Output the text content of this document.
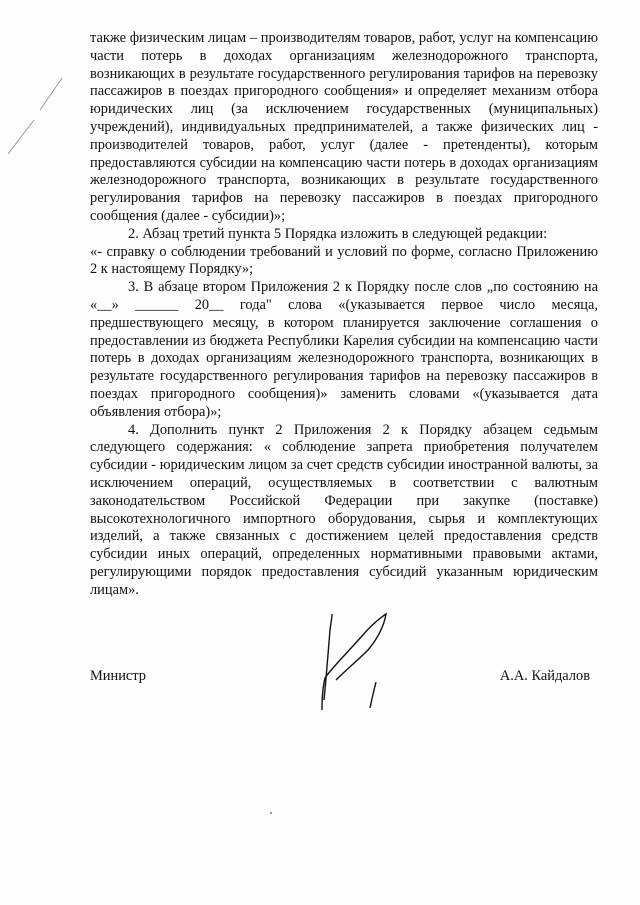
также физическим лицам – производителям товаров, работ, услуг на компенсацию части потерь в доходах организациям железнодорожного транспорта, возникающих в результате государственного регулирования тарифов на перевозку пассажиров в поездах пригородного сообщения» и определяет механизм отбора юридических лиц (за исключением государственных (муниципальных) учреждений), индивидуальных предпринимателей, а также физических лиц - производителей товаров, работ, услуг (далее - претенденты), которым предоставляются субсидии на компенсацию части потерь в доходах организациям железнодорожного транспорта, возникающих в результате государственного регулирования тарифов на перевозку пассажиров в поездах пригородного сообщения (далее - субсидии)»;

2. Абзац третий пункта 5 Порядка изложить в следующей редакции:

«- справку о соблюдении требований и условий по форме, согласно Приложению 2 к настоящему Порядку»;

3. В абзаце втором Приложения 2 к Порядку после слов „по состоянию на «__» ______ 20__ года" слова «(указывается первое число месяца, предшествующего месяцу, в котором планируется заключение соглашения о предоставлении из бюджета Республики Карелия субсидии на компенсацию части потерь в доходах организациям железнодорожного транспорта, возникающих в результате государственного регулирования тарифов на перевозку пассажиров в поездах пригородного сообщения)» заменить словами «(указывается дата объявления отбора)»;

4. Дополнить пункт 2 Приложения 2 к Порядку абзацем седьмым следующего содержания: « соблюдение запрета приобретения получателем субсидии - юридическим лицом за счет средств субсидии иностранной валюты, за исключением операций, осуществляемых в соответствии с валютным законодательством Российской Федерации при закупке (поставке) высокотехнологичного импортного оборудования, сырья и комплектующих изделий, а также связанных с достижением целей предоставления средств субсидии иных операций, определенных нормативными правовыми актами, регулирующими порядок предоставления субсидий указанным юридическим лицам».

Министр	А.А. Кайдалов
